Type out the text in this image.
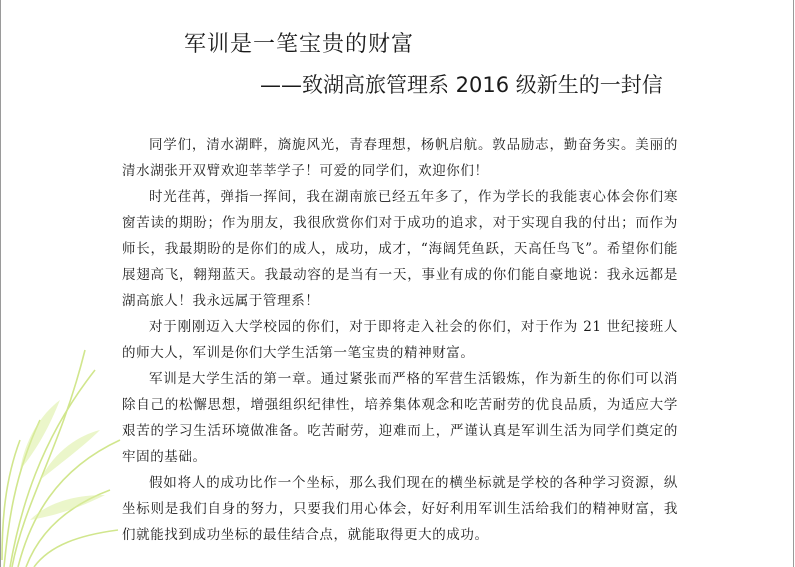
军训是一笔宝贵的财富
——致湖高旅管理系 2016 级新生的一封信

同学们，清水湖畔，旖旎风光，青春理想，杨帆启航。敦品励志，勤奋务实。美丽的清水湖张开双臂欢迎莘莘学子！可爱的同学们，欢迎你们！

时光荏苒，弹指一挥间，我在湖南旅已经五年多了，作为学长的我能衷心体会你们寒窗苦读的期盼；作为朋友，我很欣赏你们对于成功的追求，对于实现自我的付出；而作为师长，我最期盼的是你们的成人，成功，成才，“海阔凭鱼跃，天高任鸟飞”。希望你们能展翅高飞，翱翔蓝天。我最动容的是当有一天，事业有成的你们能自豪地说：我永远都是湖高旅人！我永远属于管理系！

对于刚刚迈入大学校园的你们，对于即将走入社会的你们，对于作为 21 世纪接班人的师大人，军训是你们大学生活第一笔宝贵的精神财富。

军训是大学生活的第一章。通过紧张而严格的军营生活锻炼，作为新生的你们可以消除自己的松懈思想，增强组织纪律性，培养集体观念和吃苦耐劳的优良品质，为适应大学艰苦的学习生活环境做准备。吃苦耐劳，迎难而上，严谨认真是军训生活为同学们奠定的牢固的基础。

假如将人的成功比作一个坐标，那么我们现在的横坐标就是学校的各种学习资源，纵坐标则是我们自身的努力，只要我们用心体会，好好利用军训生活给我们的精神财富，我们就能找到成功坐标的最佳结合点，就能取得更大的成功。
